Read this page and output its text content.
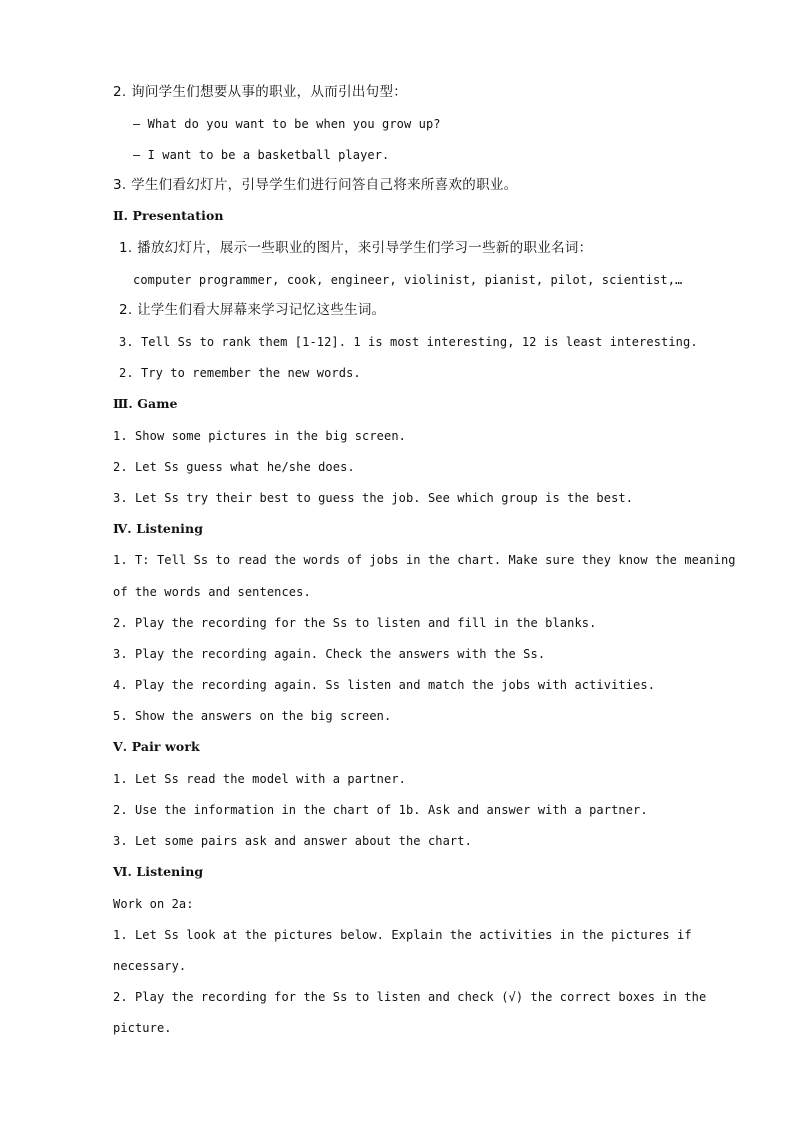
2. 询问学生们想要从事的职业，从而引出句型：
— What do you want to be when you grow up?
— I want to be a basketball player.
3. 学生们看幻灯片，引导学生们进行问答自己将来所喜欢的职业。
Ⅱ. Presentation
1. 播放幻灯片，展示一些职业的图片，来引导学生们学习一些新的职业名词：
computer programmer, cook, engineer, violinist, pianist, pilot, scientist,…
2. 让学生们看大屏幕来学习记忆这些生词。
3. Tell Ss to rank them [1-12]. 1 is most interesting, 12 is least interesting.
2. Try to remember the new words.
Ⅲ. Game
1. Show some pictures in the big screen.
2. Let Ss guess what he/she does.
3. Let Ss try their best to guess the job. See which group is the best.
Ⅳ. Listening
1. T: Tell Ss to read the words of jobs in the chart. Make sure they know the meaning
of the words and sentences.
2. Play the recording for the Ss to listen and fill in the blanks.
3. Play the recording again. Check the answers with the Ss.
4. Play the recording again. Ss listen and match the jobs with activities.
5. Show the answers on the big screen.
Ⅴ. Pair work
1. Let Ss read the model with a partner.
2. Use the information in the chart of 1b. Ask and answer with a partner.
3. Let some pairs ask and answer about the chart.
Ⅵ. Listening
Work on 2a:
1. Let Ss look at the pictures below. Explain the activities in the pictures if
necessary.
2. Play the recording for the Ss to listen and check (√) the correct boxes in the
picture.
